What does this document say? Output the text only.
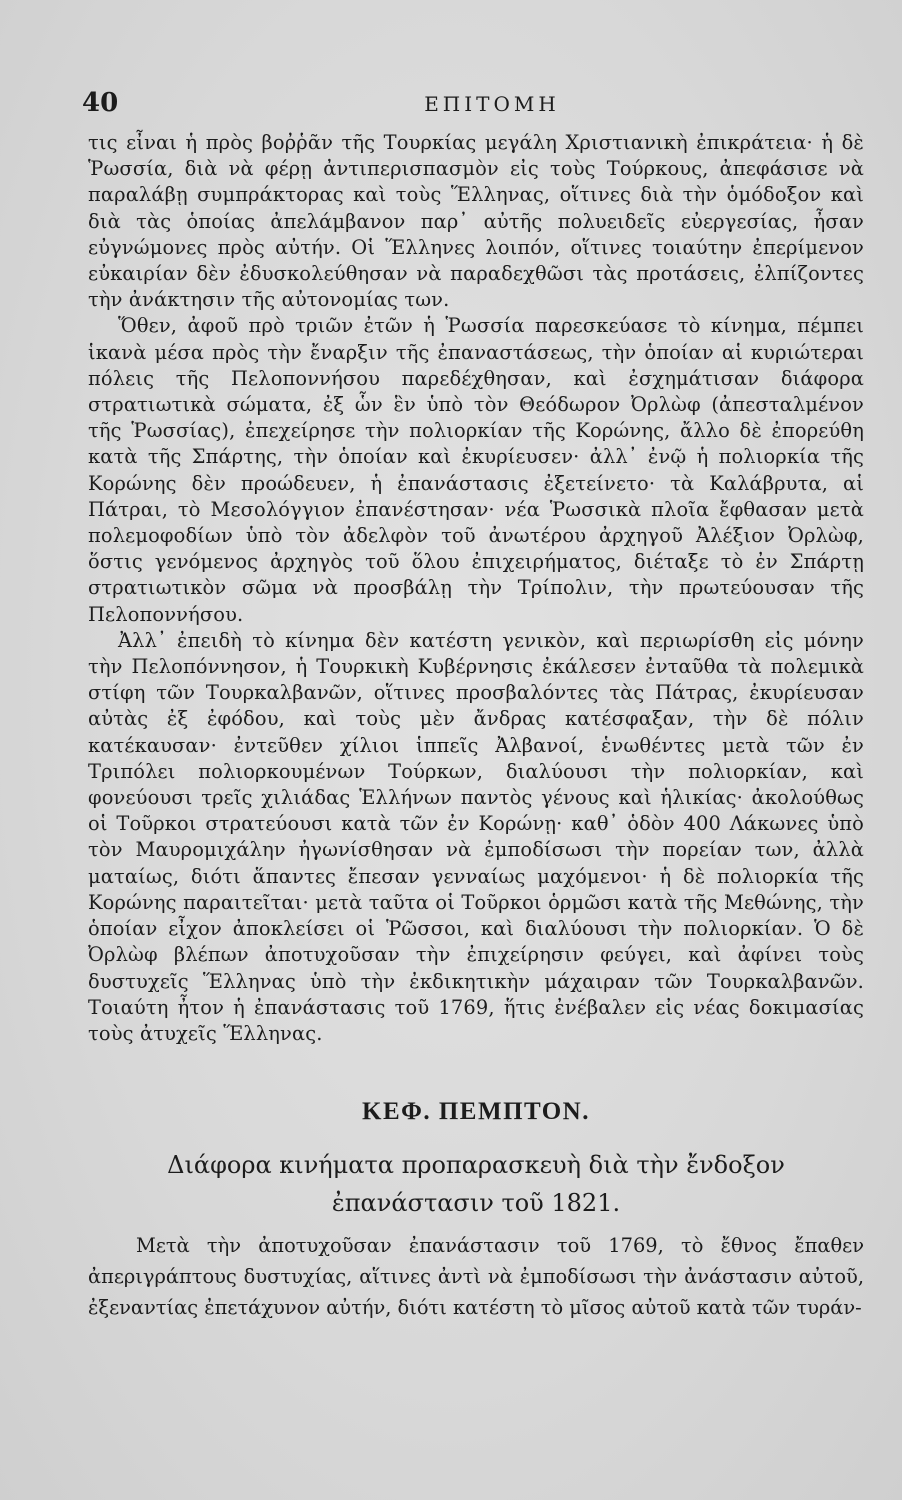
40	ΕΠΙΤΟΜΗ

τις εἶναι ἡ πρὸς βοῤῥᾶν τῆς Τουρκίας μεγάλη Χριστιανικὴ ἐπικράτεια· ἡ δὲ Ῥωσσία, διὰ νὰ φέρῃ ἀντιπερισπασμὸν εἰς τοὺς Τούρκους, ἀπεφάσισε νὰ παραλάβῃ συμπράκτορας καὶ τοὺς Ἕλληνας, οἵτινες διὰ τὴν ὁμόδοξον καὶ διὰ τὰς ὁποίας ἀπελάμβανον παρ᾽ αὐτῆς πολυειδεῖς εὐεργεσίας, ἦσαν εὐγνώμονες πρὸς αὐτήν. Οἱ Ἕλληνες λοιπόν, οἵτινες τοιαύτην ἐπερίμενον εὐκαιρίαν δὲν ἐδυσκολεύθησαν νὰ παραδεχθῶσι τὰς προτάσεις, ἐλπίζοντες τὴν ἀνάκτησιν τῆς αὐτονομίας των.

Ὅθεν, ἀφοῦ πρὸ τριῶν ἐτῶν ἡ Ῥωσσία παρεσκεύασε τὸ κίνημα, πέμπει ἱκανὰ μέσα πρὸς τὴν ἔναρξιν τῆς ἐπαναστάσεως, τὴν ὁποίαν αἱ κυριώτεραι πόλεις τῆς Πελοποννήσου παρεδέχθησαν, καὶ ἐσχημάτισαν διάφορα στρατιωτικὰ σώματα, ἐξ ὧν ἓν ὑπὸ τὸν Θεόδωρον Ὀρλὼφ (ἀπεσταλμένον τῆς Ῥωσσίας), ἐπεχείρησε τὴν πολιορκίαν τῆς Κορώνης, ἄλλο δὲ ἐπορεύθη κατὰ τῆς Σπάρτης, τὴν ὁποίαν καὶ ἐκυρίευσεν· ἀλλ᾽ ἐνῷ ἡ πολιορκία τῆς Κορώνης δὲν προώδευεν, ἡ ἐπανάστασις ἐξετείνετο· τὰ Καλάβρυτα, αἱ Πάτραι, τὸ Μεσολόγγιον ἐπανέστησαν· νέα Ῥωσσικὰ πλοῖα ἔφθασαν μετὰ πολεμοφοδίων ὑπὸ τὸν ἀδελφὸν τοῦ ἀνωτέρου ἀρχηγοῦ Ἀλέξιον Ὀρλὼφ, ὅστις γενόμενος ἀρχηγὸς τοῦ ὅλου ἐπιχειρήματος, διέταξε τὸ ἐν Σπάρτῃ στρατιωτικὸν σῶμα νὰ προσβάλῃ τὴν Τρίπολιν, τὴν πρωτεύουσαν τῆς Πελοποννήσου.

Ἀλλ᾽ ἐπειδὴ τὸ κίνημα δὲν κατέστη γενικὸν, καὶ περιωρίσθη εἰς μόνην τὴν Πελοπόννησον, ἡ Τουρκικὴ Κυβέρνησις ἐκάλεσεν ἐνταῦθα τὰ πολεμικὰ στίφη τῶν Τουρκαλβανῶν, οἵτινες προσβαλόντες τὰς Πάτρας, ἐκυρίευσαν αὐτὰς ἐξ ἐφόδου, καὶ τοὺς μὲν ἄνδρας κατέσφαξαν, τὴν δὲ πόλιν κατέκαυσαν· ἐντεῦθεν χίλιοι ἱππεῖς Ἀλβανοί, ἑνωθέντες μετὰ τῶν ἐν Τριπόλει πολιορκουμένων Τούρκων, διαλύουσι τὴν πολιορκίαν, καὶ φονεύουσι τρεῖς χιλιάδας Ἑλλήνων παντὸς γένους καὶ ἡλικίας· ἀκολούθως οἱ Τοῦρκοι στρατεύουσι κατὰ τῶν ἐν Κορώνῃ· καθ᾽ ὁδὸν 400 Λάκωνες ὑπὸ τὸν Μαυρομιχάλην ἠγωνίσθησαν νὰ ἐμποδίσωσι τὴν πορείαν των, ἀλλὰ ματαίως, διότι ἅπαντες ἔπεσαν γενναίως μαχόμενοι· ἡ δὲ πολιορκία τῆς Κορώνης παραιτεῖται· μετὰ ταῦτα οἱ Τοῦρκοι ὁρμῶσι κατὰ τῆς Μεθώνης, τὴν ὁποίαν εἶχον ἀποκλείσει οἱ Ῥῶσσοι, καὶ διαλύουσι τὴν πολιορκίαν. Ὁ δὲ Ὀρλὼφ βλέπων ἀποτυχοῦσαν τὴν ἐπιχείρησιν φεύγει, καὶ ἀφίνει τοὺς δυστυχεῖς Ἕλληνας ὑπὸ τὴν ἐκδικητικὴν μάχαιραν τῶν Τουρκαλβανῶν. Τοιαύτη ἦτον ἡ ἐπανάστασις τοῦ 1769, ἥτις ἐνέβαλεν εἰς νέας δοκιμασίας τοὺς ἀτυχεῖς Ἕλληνας.

ΚΕΦ. ΠΕΜΠΤΟΝ.
Διάφορα κινήματα προπαρασκευὴ διὰ τὴν ἔνδοξον
ἐπανάστασιν τοῦ 1821.

Μετὰ τὴν ἀποτυχοῦσαν ἐπανάστασιν τοῦ 1769, τὸ ἔθνος ἔπαθεν ἀπεριγράπτους δυστυχίας, αἵτινες ἀντὶ νὰ ἐμποδίσωσι τὴν ἀνάστασιν αὐτοῦ, ἐξεναντίας ἐπετάχυνον αὐτήν, διότι κατέστη τὸ μῖσος αὐτοῦ κατὰ τῶν τυράν-
